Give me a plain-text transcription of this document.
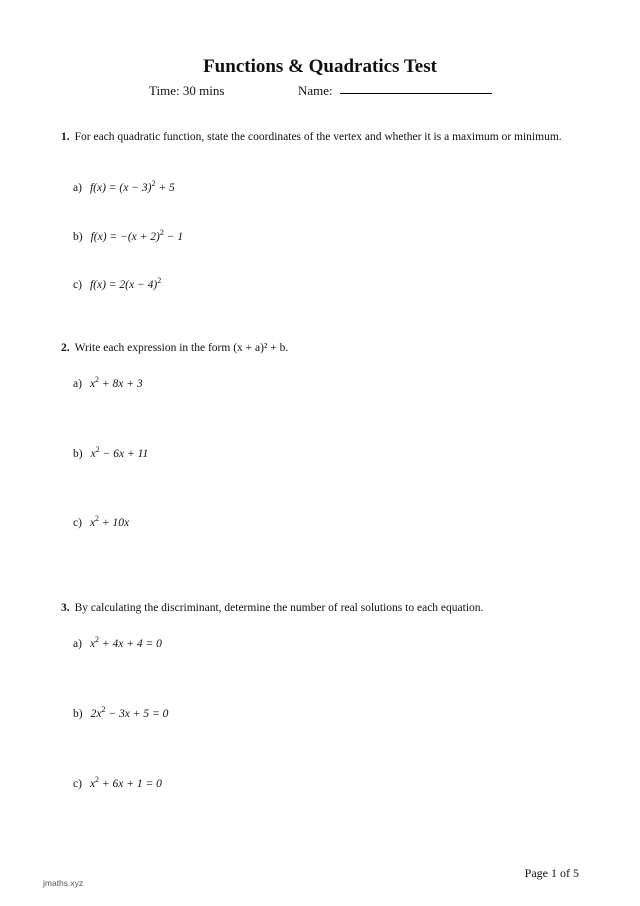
Functions & Quadratics Test
Time: 30 mins	Name:
1. For each quadratic function, state the coordinates of the vertex and whether it is a maximum or minimum.
a) $f(x) = (x - 3)^2 + 5$
b) $f(x) = -(x + 2)^2 - 1$
c) $f(x) = 2(x - 4)^2$
2. Write each expression in the form (x + a)² + b.
a) $x^2 + 8x + 3$
b) $x^2 - 6x + 11$
c) $x^2 + 10x$
3. By calculating the discriminant, determine the number of real solutions to each equation.
a) $x^2 + 4x + 4 = 0$
b) $2x^2 - 3x + 5 = 0$
c) $x^2 + 6x + 1 = 0$
Page 1 of 5
jmaths.xyz
